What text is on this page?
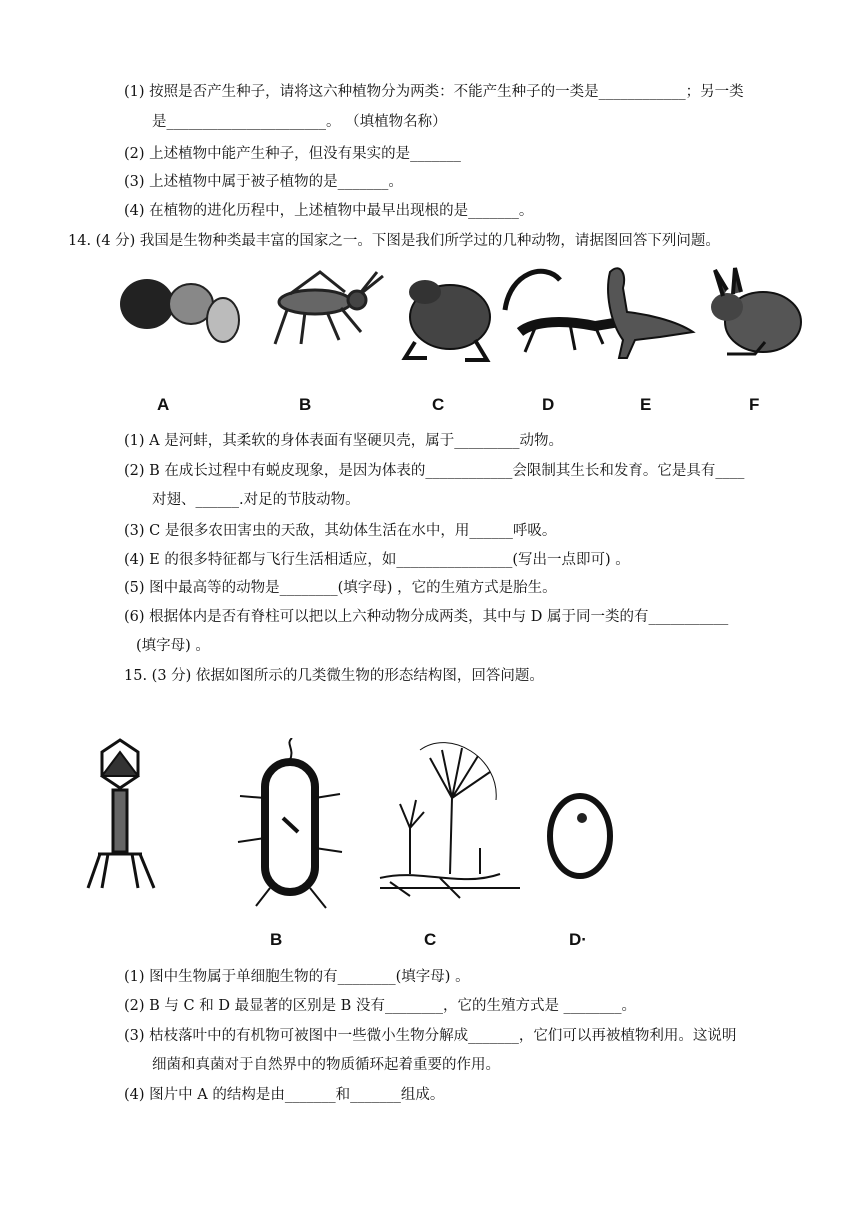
(1) 按照是否产生种子，请将这六种植物分为两类：不能产生种子的一类是____________；另一类
是______________________。 （填植物名称）
(2) 上述植物中能产生种子，但没有果实的是_______
(3) 上述植物中属于被子植物的是_______。
(4) 在植物的进化历程中，上述植物中最早出现根的是_______。
14. (4 分) 我国是生物种类最丰富的国家之一。下图是我们所学过的几种动物，请据图回答下列问题。
A	B	C	D	E	F
(1) A 是河蚌，其柔软的身体表面有坚硬贝壳，属于_________动物。
(2) B 在成长过程中有蜕皮现象，是因为体表的____________会限制其生长和发育。它是具有____
对翅、______.对足的节肢动物。
(3) C 是很多农田害虫的天敌，其幼体生活在水中，用______呼吸。
(4) E 的很多特征都与飞行生活相适应，如________________(写出一点即可) 。
(5) 图中最高等的动物是________(填字母) ，它的生殖方式是胎生。
(6) 根据体内是否有脊柱可以把以上六种动物分成两类，其中与 D 属于同一类的有___________
(填字母) 。
15. (3 分) 依据如图所示的几类微生物的形态结构图，回答问题。
B	C	D·
(1) 图中生物属于单细胞生物的有________(填字母) 。
(2) B 与 C 和 D 最显著的区别是 B 没有________，它的生殖方式是 ________。
(3) 枯枝落叶中的有机物可被图中一些微小生物分解成_______，它们可以再被植物利用。这说明
细菌和真菌对于自然界中的物质循环起着重要的作用。
(4) 图片中 A 的结构是由_______和_______组成。
